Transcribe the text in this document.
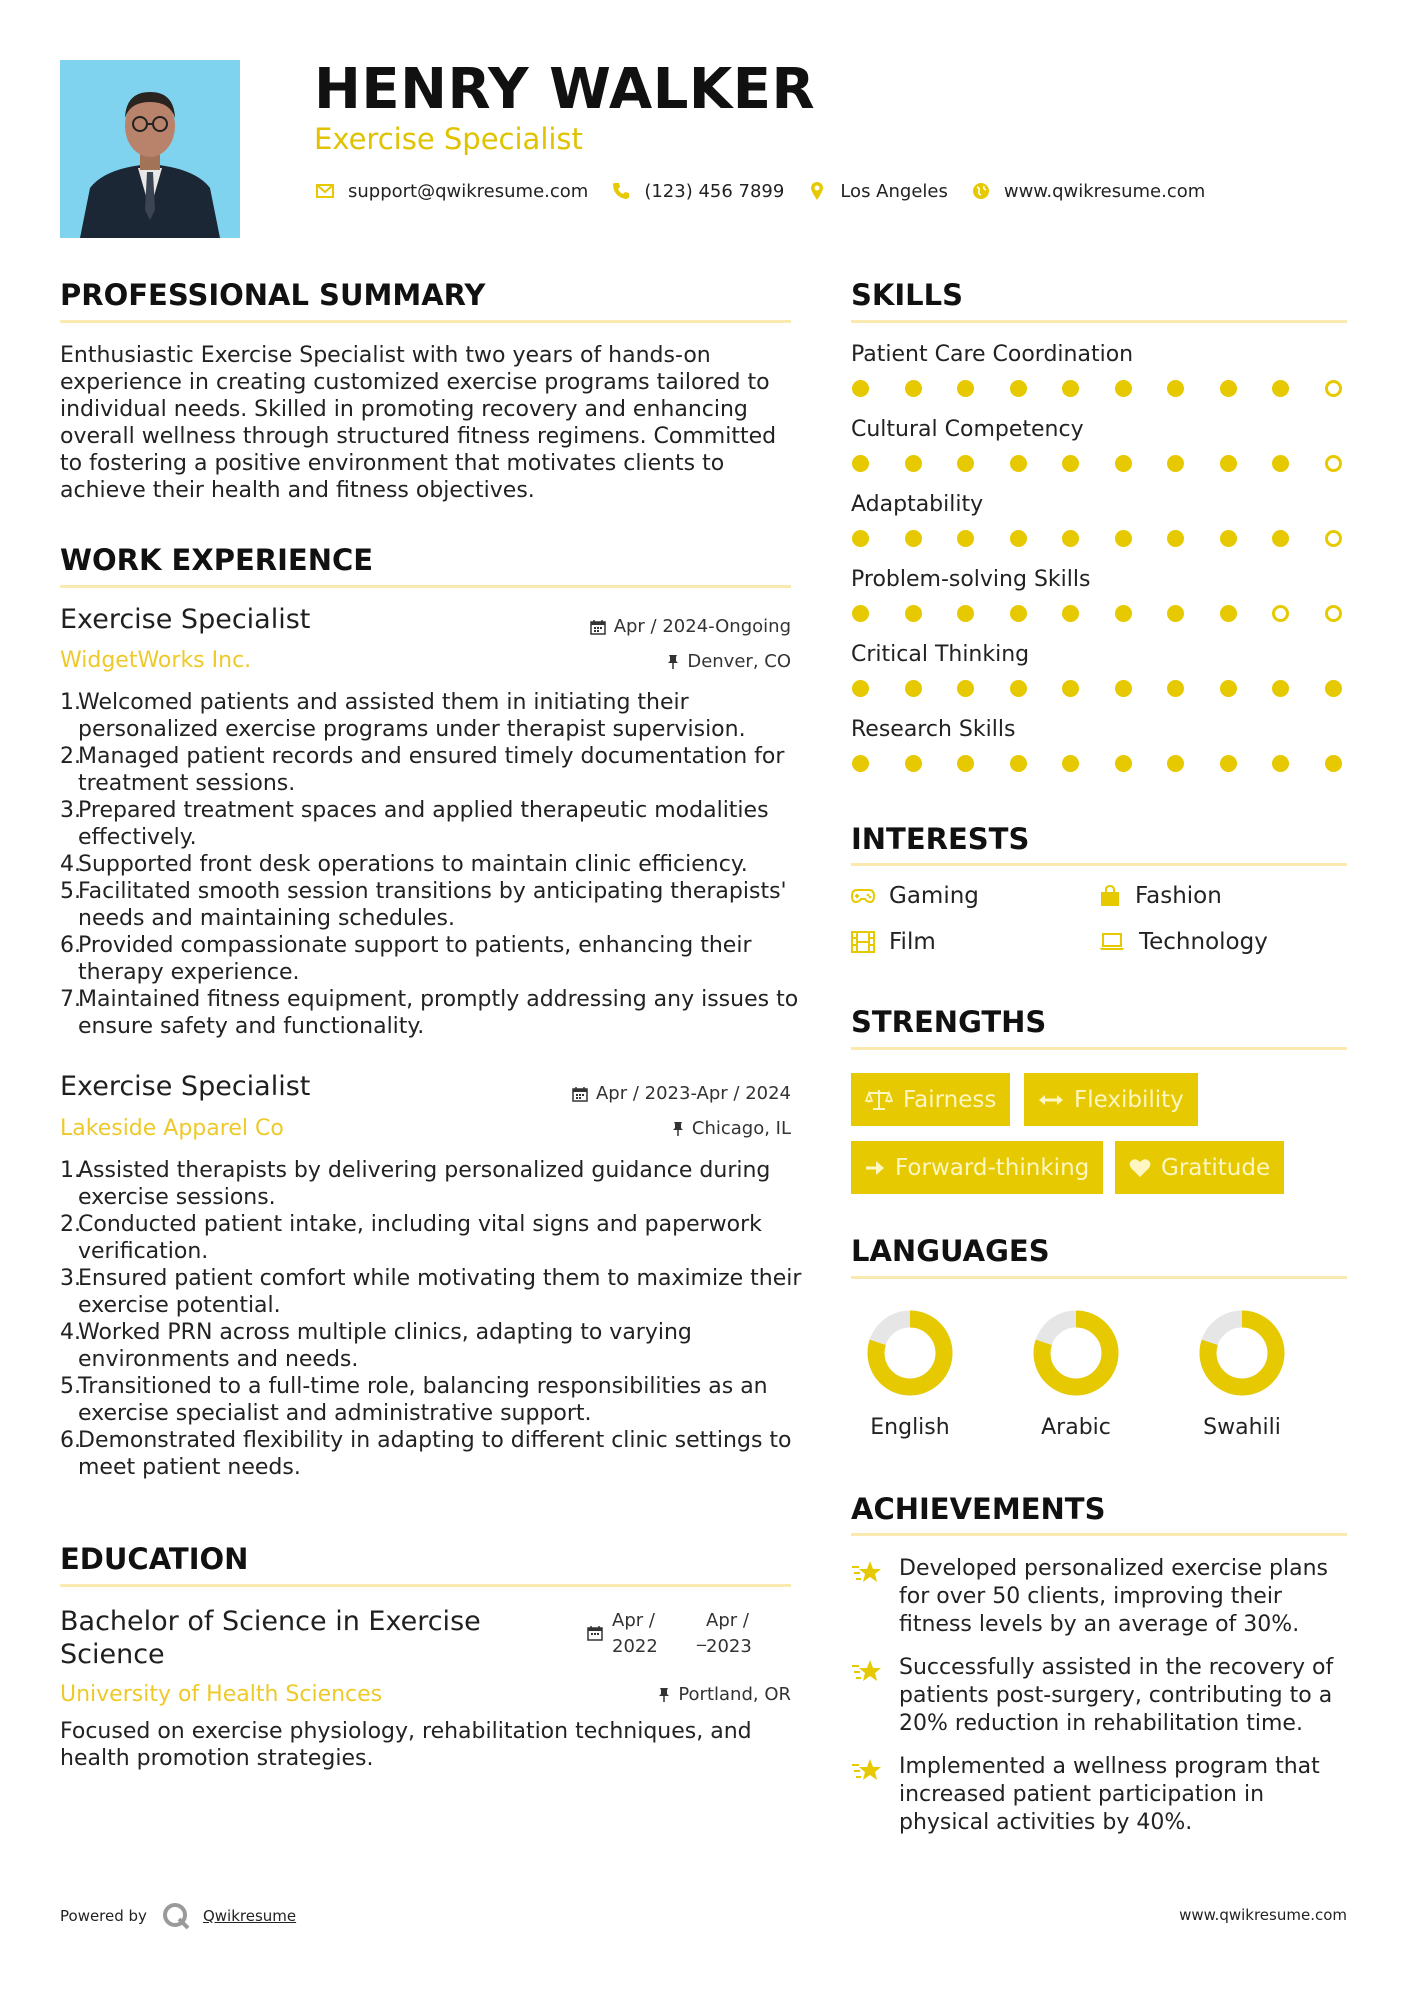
HENRY WALKER
Exercise Specialist
support@qwikresume.com	(123) 456 7899	Los Angeles	www.qwikresume.com
PROFESSIONAL SUMMARY
Enthusiastic Exercise Specialist with two years of hands-on experience in creating customized exercise programs tailored to individual needs. Skilled in promoting recovery and enhancing overall wellness through structured fitness regimens. Committed to fostering a positive environment that motivates clients to achieve their health and fitness objectives.
WORK EXPERIENCE
Exercise Specialist	Apr / 2024-Ongoing
WidgetWorks Inc.	Denver, CO
1.
Welcomed patients and assisted them in initiating their personalized exercise programs under therapist supervision.
2.
Managed patient records and ensured timely documentation for treatment sessions.
3.
Prepared treatment spaces and applied therapeutic modalities effectively.
4.
Supported front desk operations to maintain clinic efficiency.
5.
Facilitated smooth session transitions by anticipating therapists' needs and maintaining schedules.
6.
Provided compassionate support to patients, enhancing their therapy experience.
7.
Maintained fitness equipment, promptly addressing any issues to ensure safety and functionality.
Exercise Specialist	Apr / 2023-Apr / 2024
Lakeside Apparel Co	Chicago, IL
1.
Assisted therapists by delivering personalized guidance during exercise sessions.
2.
Conducted patient intake, including vital signs and paperwork verification.
3.
Ensured patient comfort while motivating them to maximize their exercise potential.
4.
Worked PRN across multiple clinics, adapting to varying environments and needs.
5.
Transitioned to a full-time role, balancing responsibilities as an exercise specialist and administrative support.
6.
Demonstrated flexibility in adapting to different clinic settings to meet patient needs.
EDUCATION
Bachelor of Science in Exercise Science
Apr /
2022 _
Apr /
2023
University of Health Sciences	Portland, OR
Focused on exercise physiology, rehabilitation techniques, and health promotion strategies.
SKILLS
Patient Care Coordination
Cultural Competency
Adaptability
Problem-solving Skills
Critical Thinking
Research Skills
INTERESTS
Gaming	Fashion
Film	Technology
STRENGTHS
Fairness	Flexibility
Forward-thinking	Gratitude
LANGUAGES
English	Arabic	Swahili
ACHIEVEMENTS
Developed personalized exercise plans for over 50 clients, improving their fitness levels by an average of 30%.
Successfully assisted in the recovery of patients post-surgery, contributing to a 20% reduction in rehabilitation time.
Implemented a wellness program that increased patient participation in physical activities by 40%.
Powered by	Qwikresume	www.qwikresume.com
